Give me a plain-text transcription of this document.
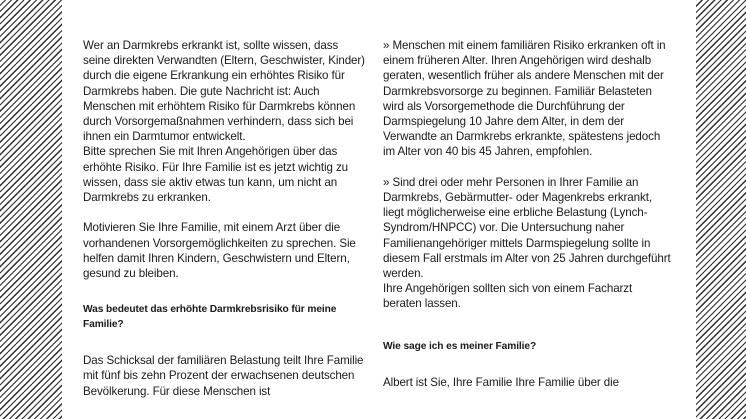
Wer an Darmkrebs erkrankt ist, sollte wissen, dass seine direkten Verwandten (Eltern, Geschwister, Kinder) durch die eigene Erkrankung ein erhöhtes Risiko für Darmkrebs haben. Die gute Nachricht ist: Auch Menschen mit erhöhtem Risiko für Darmkrebs können durch Vorsorgemaßnahmen verhindern, dass sich bei ihnen ein Darmtumor entwickelt.

Bitte sprechen Sie mit Ihren Angehörigen über das erhöhte Risiko. Für Ihre Familie ist es jetzt wichtig zu wissen, dass sie aktiv etwas tun kann, um nicht an Darmkrebs zu erkranken.

Motivieren Sie Ihre Familie, mit einem Arzt über die vorhandenen Vorsorgemöglichkeiten zu sprechen. Sie helfen damit Ihren Kindern, Geschwistern und Eltern, gesund zu bleiben.

Was bedeutet das erhöhte Darmkrebsrisiko für meine Familie?

Das Schicksal der familiären Belastung teilt Ihre Familie mit fünf bis zehn Prozent der erwachsenen deutschen Bevölkerung. Für diese Menschen ist

» Menschen mit einem familiären Risiko erkranken oft in einem früheren Alter. Ihren Angehörigen wird deshalb geraten, wesentlich früher als andere Menschen mit der Darmkrebsvorsorge zu beginnen. Familiär Belasteten wird als Vorsorgemethode die Durchführung der Darmspiegelung 10 Jahre dem Alter, in dem der Verwandte an Darmkrebs erkrankte, spätestens jedoch im Alter von 40 bis 45 Jahren, empfohlen.

» Sind drei oder mehr Personen in Ihrer Familie an Darmkrebs, Gebärmutter- oder Magenkrebs erkrankt, liegt möglicherweise eine erbliche Belastung (Lynch-Syndrom/HNPCC) vor. Die Untersuchung naher Familienangehöriger mittels Darmspiegelung sollte in diesem Fall erstmals im Alter von 25 Jahren durchgeführt werden.

Ihre Angehörigen sollten sich von einem Facharzt beraten lassen.

Wie sage ich es meiner Familie?

Albert ist Sie, Ihre Familie Ihre Familie über die
